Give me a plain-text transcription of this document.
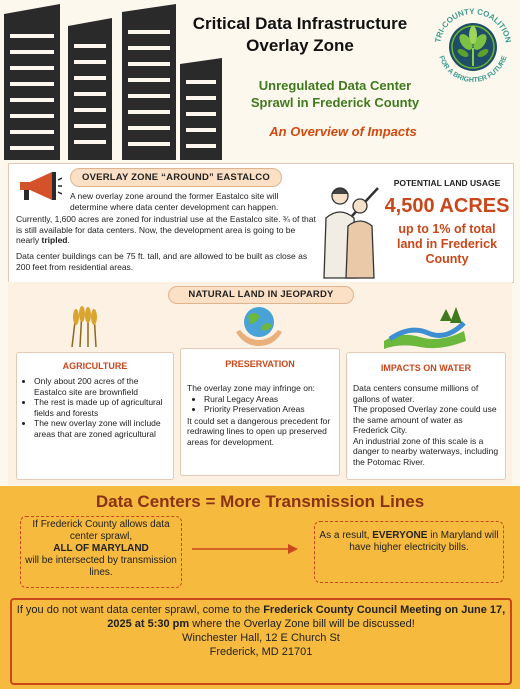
Critical Data Infrastructure
Overlay Zone
Unregulated Data Center
Sprawl in Frederick County
An Overview of Impacts
TRI-COUNTY COALITION
FOR A BRIGHTER FUTURE
OVERLAY ZONE “AROUND” EASTALCO
A new overlay zone around the former Eastalco site will determine where data center development can happen.
Currently, 1,600 acres are zoned for industrial use at the Eastalco site. ¾ of that is still available for data centers. Now, the development area is going to be nearly tripled.
Data center buildings can be 75 ft. tall, and are allowed to be built as close as 200 feet from residential areas.
POTENTIAL LAND USAGE
4,500 ACRES
up to 1% of total
land in Frederick
County
NATURAL LAND IN JEOPARDY
AGRICULTURE
• Only about 200 acres of the Eastalco site are brownfield
• The rest is made up of agricultural fields and forests
• The new overlay zone will include areas that are zoned agricultural
PRESERVATION
The overlay zone may infringe on:
• Rural Legacy Areas
• Priority Preservation Areas
It could set a dangerous precedent for redrawing lines to open up preserved areas for development.
IMPACTS ON WATER
Data centers consume millions of gallons of water.
The proposed Overlay zone could use the same amount of water as Frederick City.
An industrial zone of this scale is a danger to nearby waterways, including the Potomac River.
Data Centers = More Transmission Lines
If Frederick County allows data center sprawl,
ALL OF MARYLAND
will be intersected by transmission lines.
As a result, EVERYONE in Maryland will have higher electricity bills.
If you do not want data center sprawl, come to the Frederick County Council Meeting on June 17, 2025 at 5:30 pm where the Overlay Zone bill will be discussed!
Winchester Hall, 12 E Church St
Frederick, MD 21701
